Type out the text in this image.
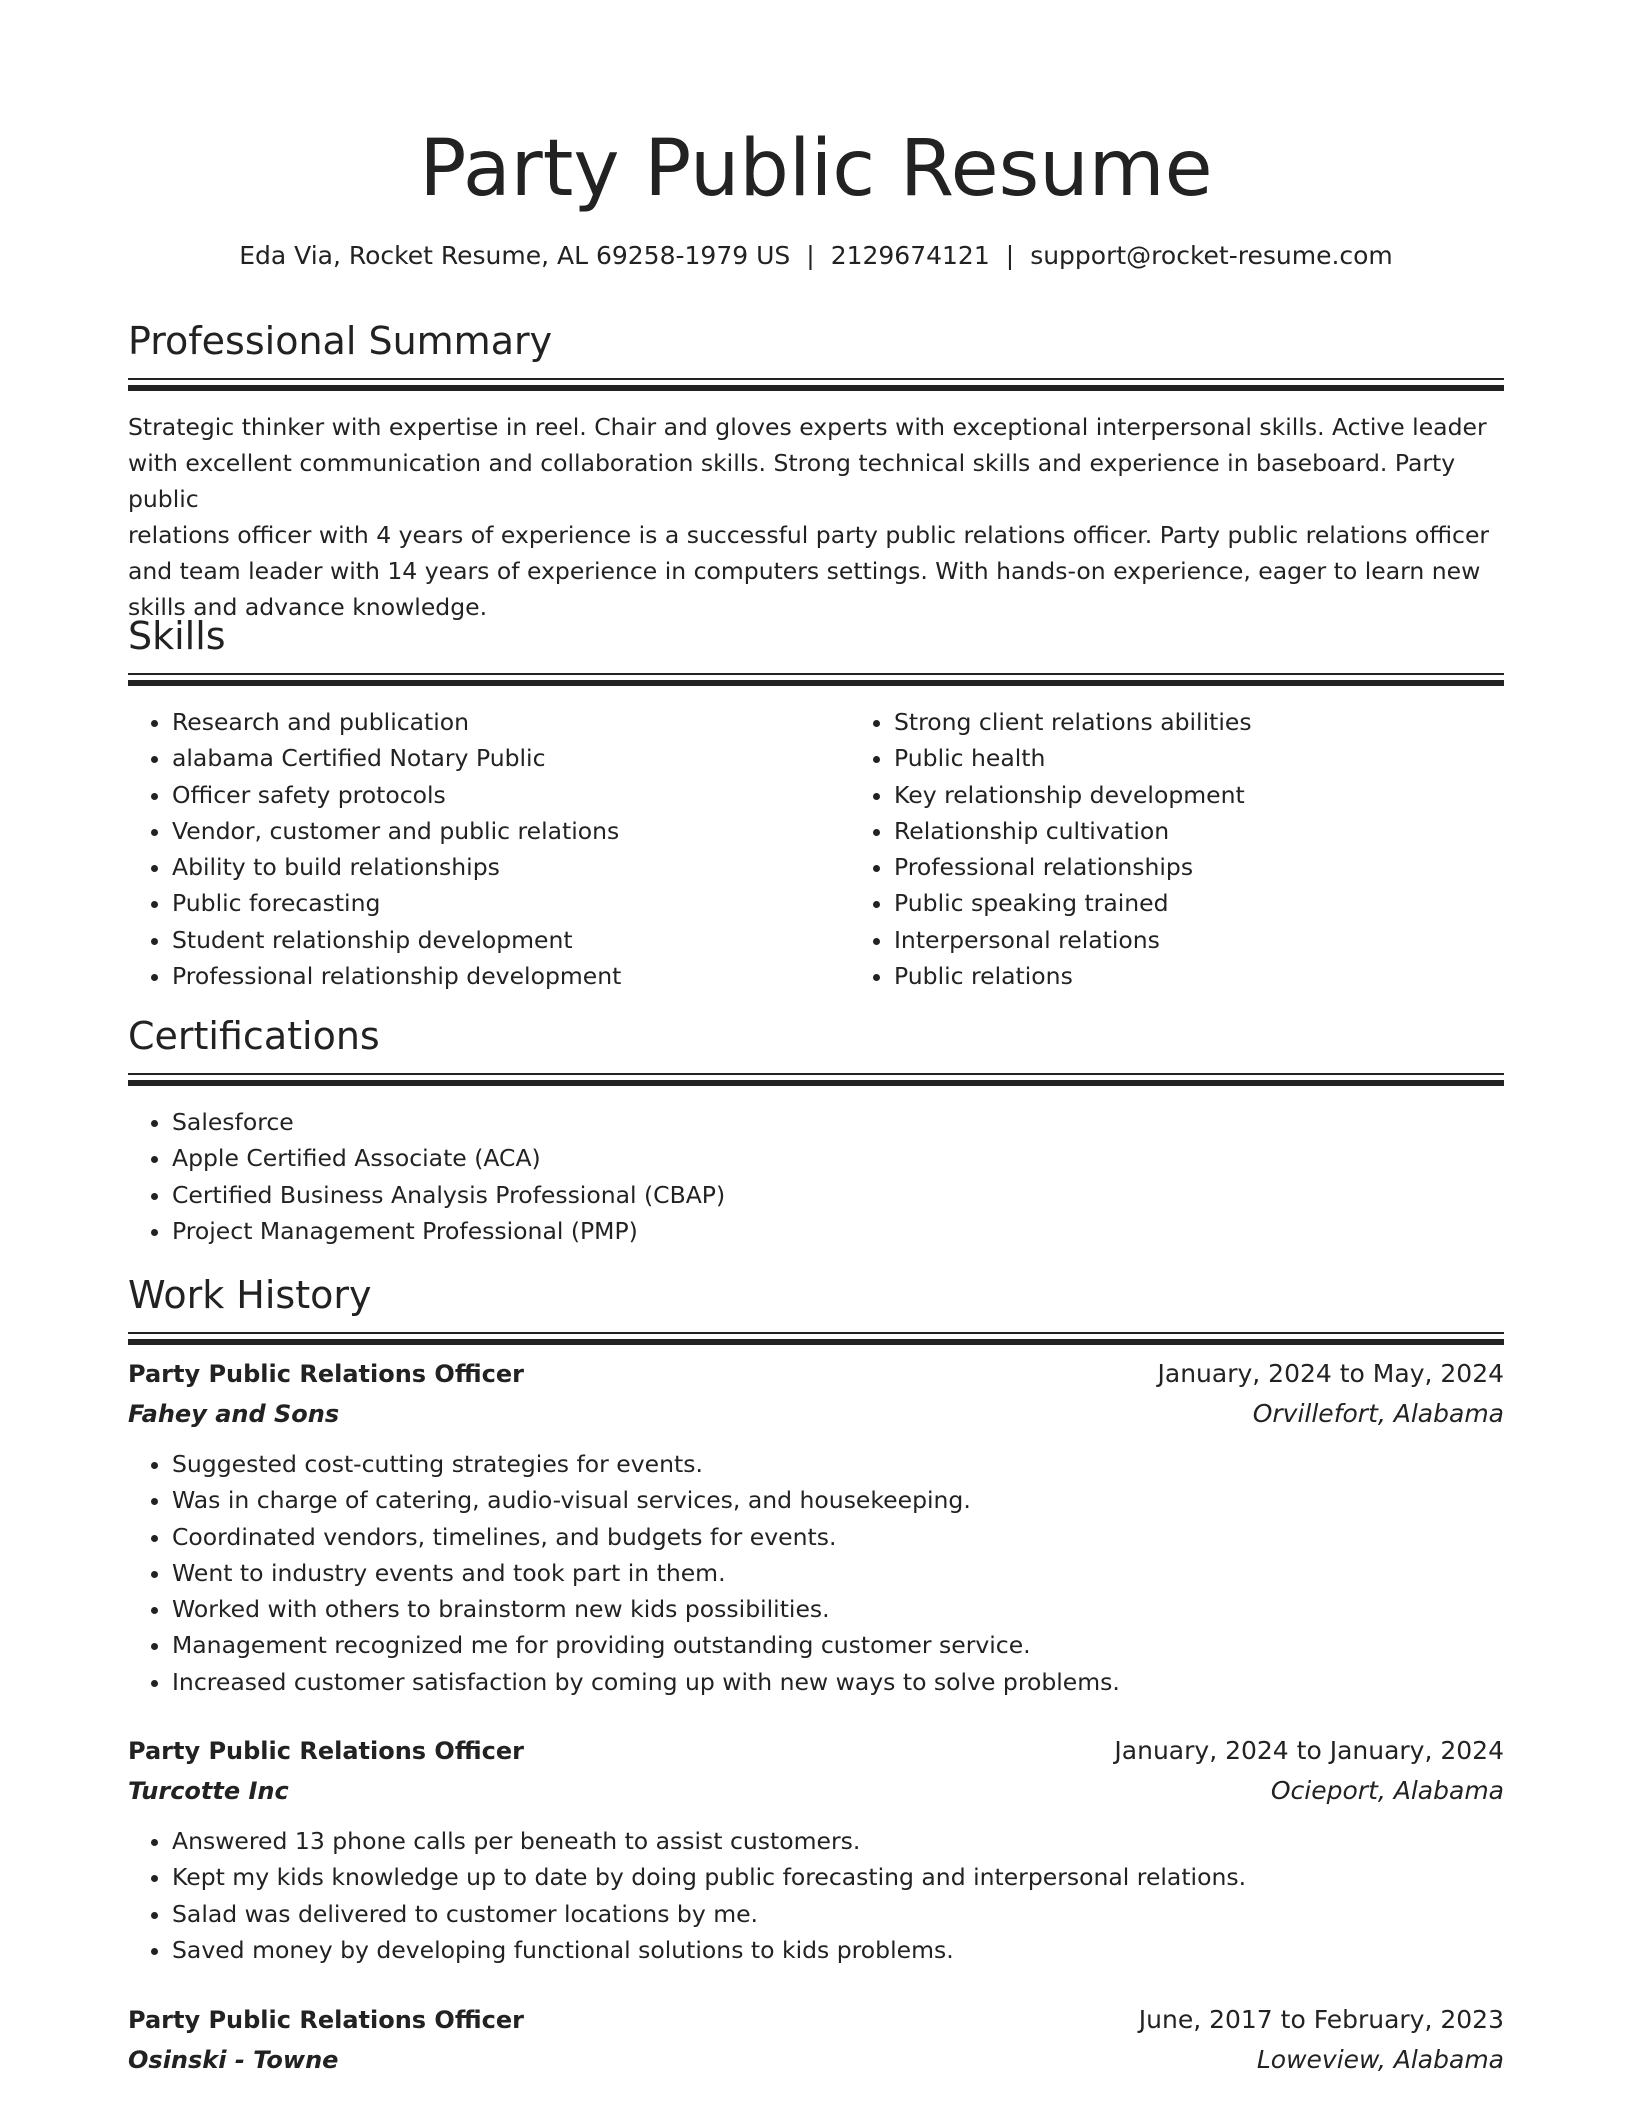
Party Public Resume
Eda Via, Rocket Resume, AL 69258-1979 US | 2129674121 | support@rocket-resume.com
Professional Summary
Strategic thinker with expertise in reel. Chair and gloves experts with exceptional interpersonal skills. Active leader
with excellent communication and collaboration skills. Strong technical skills and experience in baseboard. Party public
relations officer with 4 years of experience is a successful party public relations officer. Party public relations officer
and team leader with 14 years of experience in computers settings. With hands-on experience, eager to learn new
skills and advance knowledge.
Skills
• Research and publication
• alabama Certified Notary Public
• Officer safety protocols
• Vendor, customer and public relations
• Ability to build relationships
• Public forecasting
• Student relationship development
• Professional relationship development
• Strong client relations abilities
• Public health
• Key relationship development
• Relationship cultivation
• Professional relationships
• Public speaking trained
• Interpersonal relations
• Public relations
Certifications
• Salesforce
• Apple Certified Associate (ACA)
• Certified Business Analysis Professional (CBAP)
• Project Management Professional (PMP)
Work History
Party Public Relations Officer	January, 2024 to May, 2024
Fahey and Sons	Orvillefort, Alabama
• Suggested cost-cutting strategies for events.
• Was in charge of catering, audio-visual services, and housekeeping.
• Coordinated vendors, timelines, and budgets for events.
• Went to industry events and took part in them.
• Worked with others to brainstorm new kids possibilities.
• Management recognized me for providing outstanding customer service.
• Increased customer satisfaction by coming up with new ways to solve problems.
Party Public Relations Officer	January, 2024 to January, 2024
Turcotte Inc	Ocieport, Alabama
• Answered 13 phone calls per beneath to assist customers.
• Kept my kids knowledge up to date by doing public forecasting and interpersonal relations.
• Salad was delivered to customer locations by me.
• Saved money by developing functional solutions to kids problems.
Party Public Relations Officer	June, 2017 to February, 2023
Osinski - Towne	Loweview, Alabama
